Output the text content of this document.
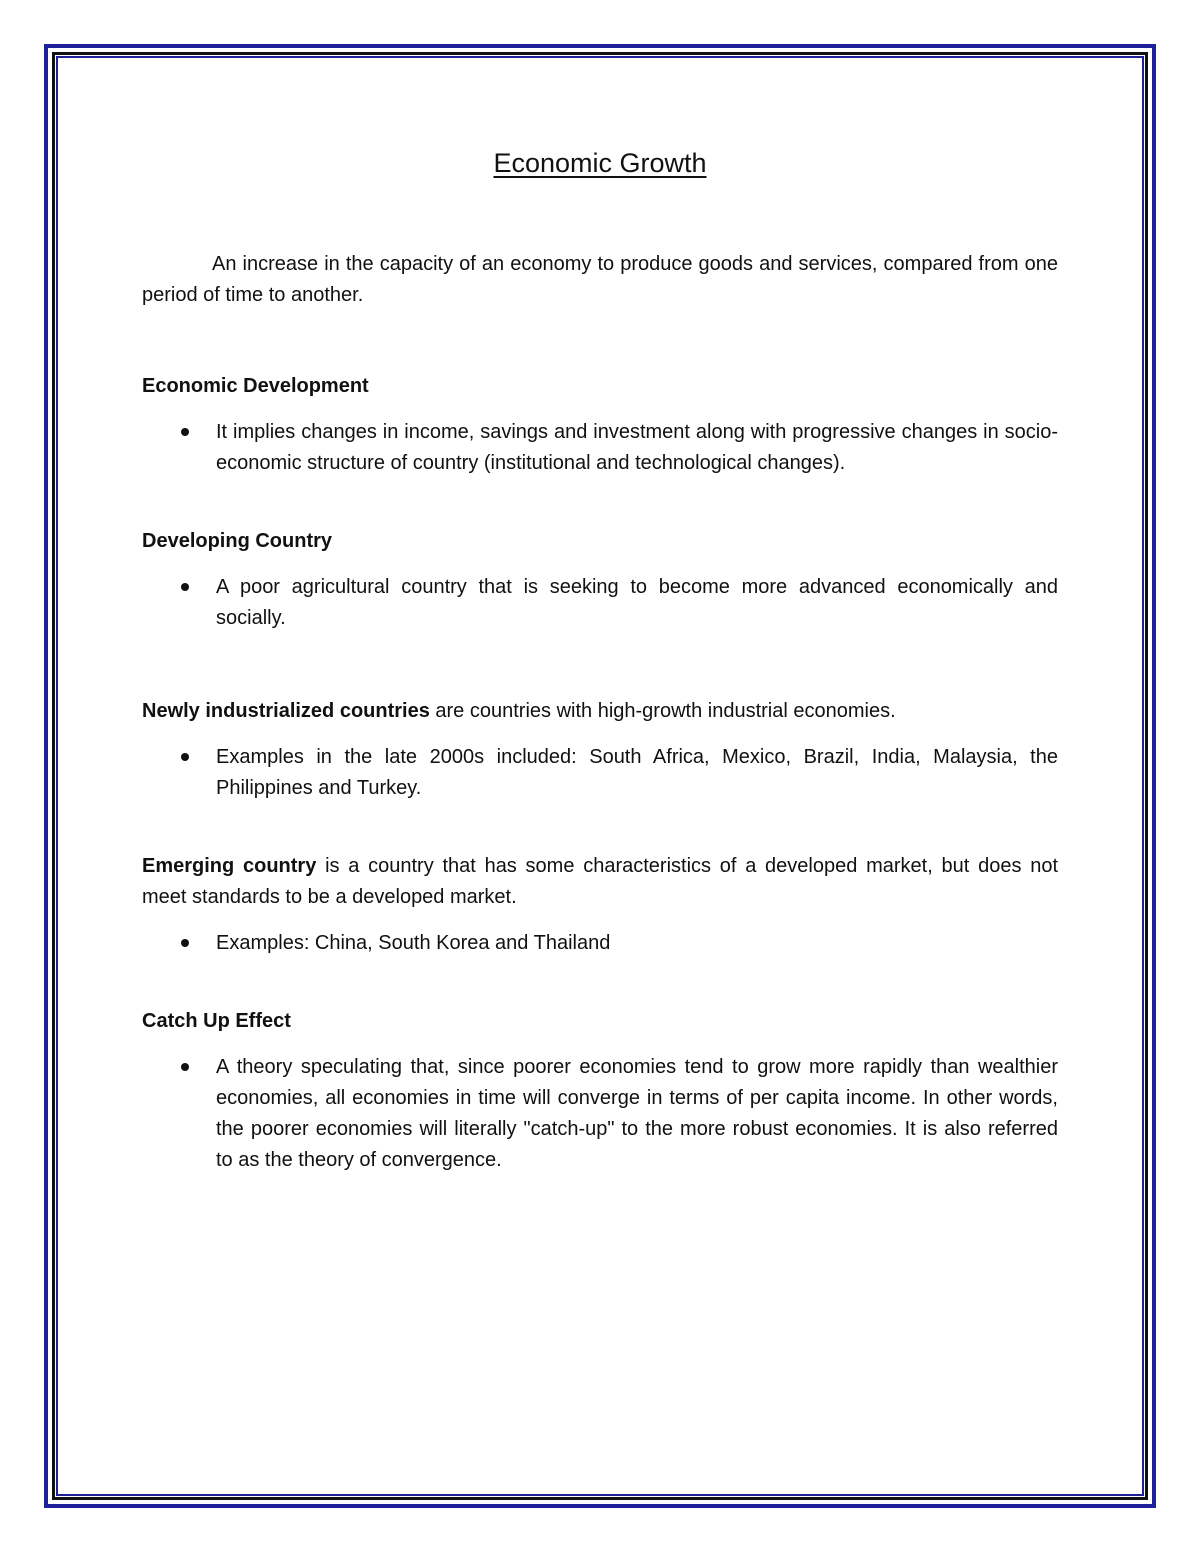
Economic Growth

An increase in the capacity of an economy to produce goods and services, compared from one period of time to another.

Economic Development

It implies changes in income, savings and investment along with progressive changes in socio-economic structure of country (institutional and technological changes).

Developing Country

A poor agricultural country that is seeking to become more advanced economically and socially.

Newly industrialized countries are countries with high-growth industrial economies.

Examples in the late 2000s included: South Africa, Mexico, Brazil, India, Malaysia, the Philippines and Turkey.

Emerging country is a country that has some characteristics of a developed market, but does not meet standards to be a developed market.

Examples: China, South Korea and Thailand

Catch Up Effect

A theory speculating that, since poorer economies tend to grow more rapidly than wealthier economies, all economies in time will converge in terms of per capita income. In other words, the poorer economies will literally "catch-up" to the more robust economies. It is also referred to as the theory of convergence.
